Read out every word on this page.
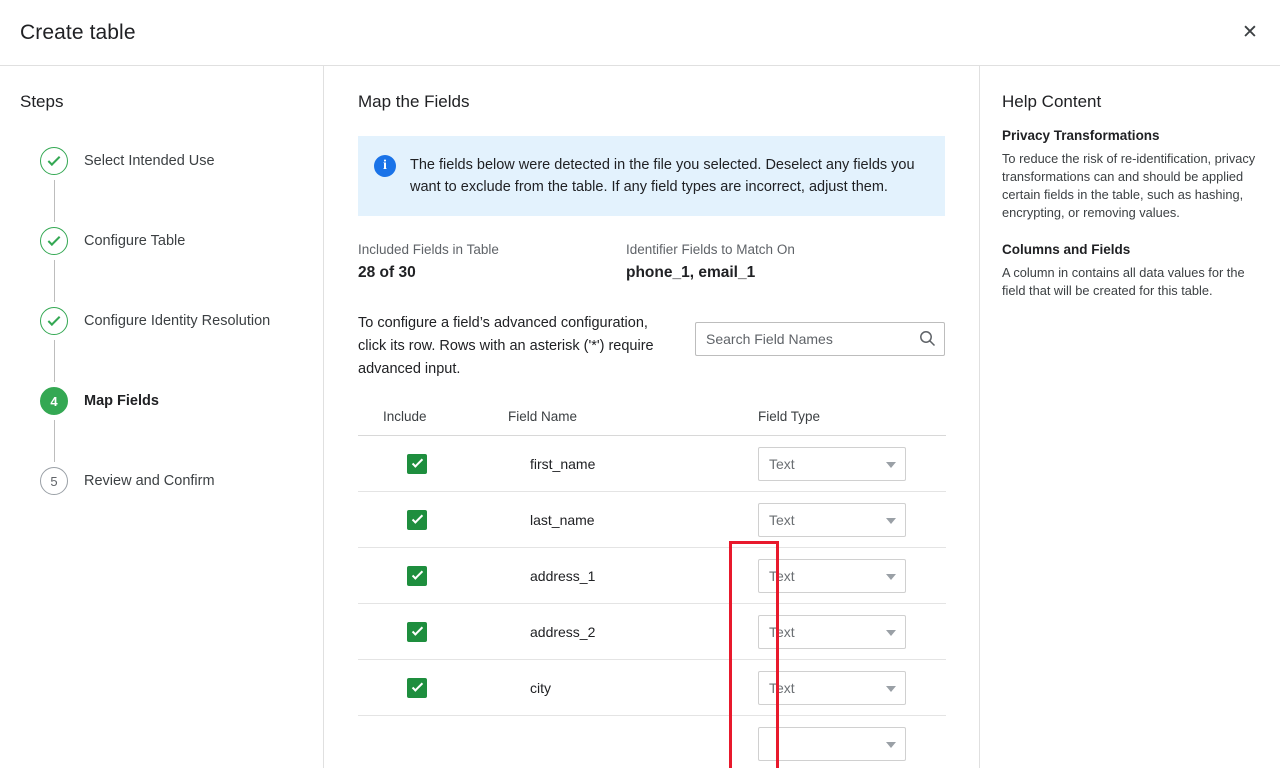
Create table	✕
Steps
Select Intended Use
Configure Table
Configure Identity Resolution
4	Map Fields
5	Review and Confirm
Map the Fields
i	The fields below were detected in the file you selected. Deselect any fields you want to exclude from the table. If any field types are incorrect, adjust them.
Included Fields in Table
28 of 30
Identifier Fields to Match On
phone_1, email_1
To configure a field’s advanced configuration, click its row. Rows with an asterisk ('*') require advanced input.
Search Field Names
Include	Field Name	Field Type
first_name	Text
last_name	Text
address_1	Text
address_2	Text
city	Text
Help Content
Privacy Transformations
To reduce the risk of re-identification, privacy transformations can and should be applied certain fields in the table, such as hashing, encrypting, or removing values.
Columns and Fields
A column in contains all data values for the field that will be created for this table.
